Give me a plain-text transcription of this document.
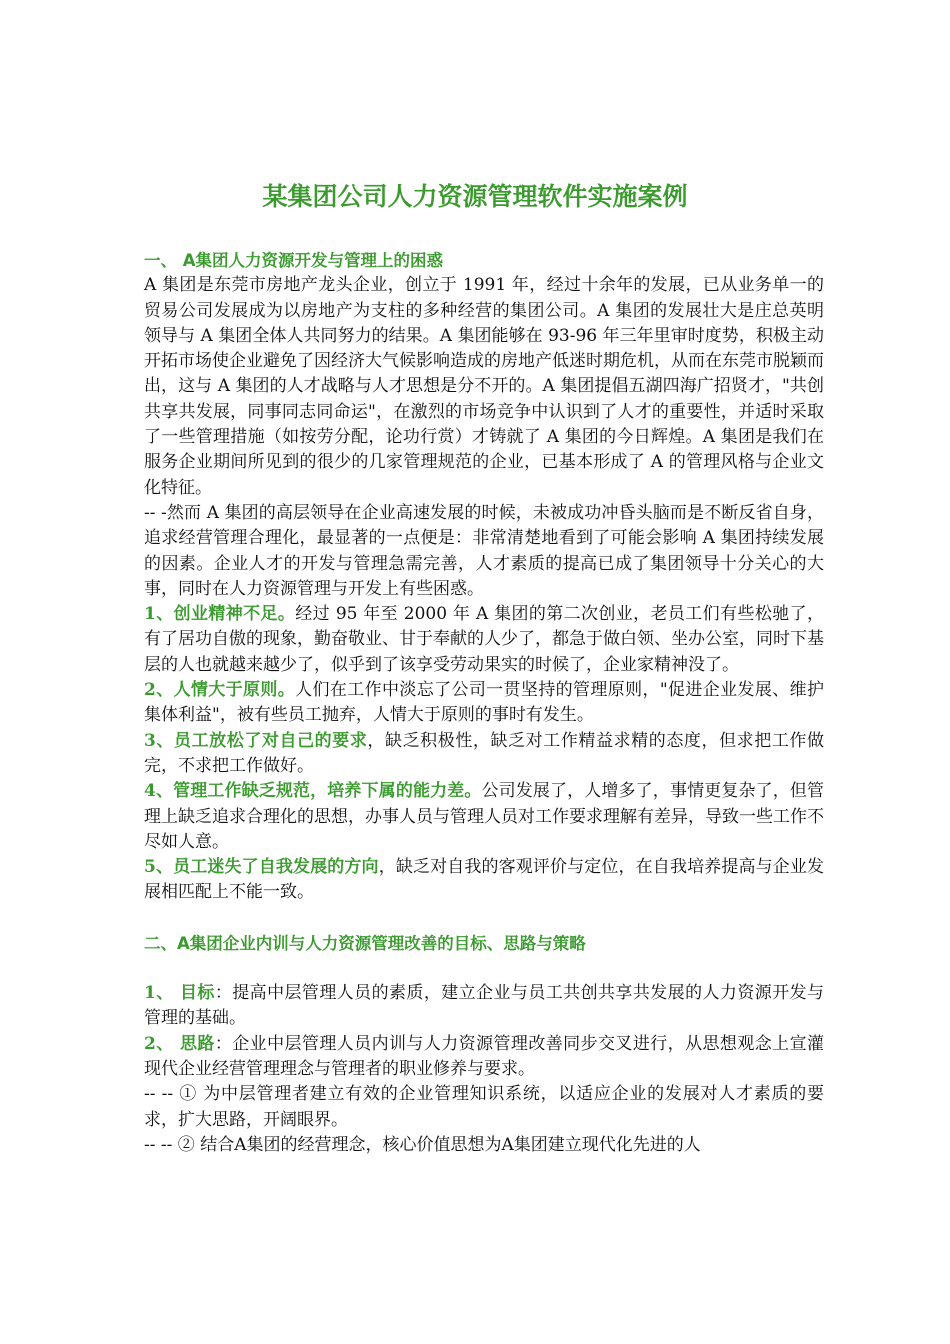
某集团公司人力资源管理软件实施案例

一、 A集团人力资源开发与管理上的困惑

A 集团是东莞市房地产龙头企业，创立于 1991 年，经过十余年的发展，已从业务单一的贸易公司发展成为以房地产为支柱的多种经营的集团公司。A 集团的发展壮大是庄总英明领导与 A 集团全体人共同努力的结果。A 集团能够在 93-96 年三年里审时度势，积极主动开拓市场使企业避免了因经济大气候影响造成的房地产低迷时期危机，从而在东莞市脱颖而出，这与 A 集团的人才战略与人才思想是分不开的。A 集团提倡五湖四海广招贤才，"共创共享共发展，同事同志同命运"，在激烈的市场竞争中认识到了人才的重要性，并适时采取了一些管理措施（如按劳分配，论功行赏）才铸就了 A 集团的今日辉煌。A 集团是我们在服务企业期间所见到的很少的几家管理规范的企业，已基本形成了 A 的管理风格与企业文化特征。

-- -然而 A 集团的高层领导在企业高速发展的时候，未被成功冲昏头脑而是不断反省自身，追求经营管理合理化，最显著的一点便是：非常清楚地看到了可能会影响 A 集团持续发展的因素。企业人才的开发与管理急需完善，人才素质的提高已成了集团领导十分关心的大事，同时在人力资源管理与开发上有些困惑。

1、创业精神不足。经过 95 年至 2000 年 A 集团的第二次创业，老员工们有些松驰了，有了居功自傲的现象，勤奋敬业、甘于奉献的人少了，都急于做白领、坐办公室，同时下基层的人也就越来越少了，似乎到了该享受劳动果实的时候了，企业家精神没了。

2、人情大于原则。人们在工作中淡忘了公司一贯坚持的管理原则，"促进企业发展、维护集体利益"，被有些员工抛弃，人情大于原则的事时有发生。

3、员工放松了对自己的要求，缺乏积极性，缺乏对工作精益求精的态度，但求把工作做完，不求把工作做好。

4、管理工作缺乏规范，培养下属的能力差。公司发展了，人增多了，事情更复杂了，但管理上缺乏追求合理化的思想，办事人员与管理人员对工作要求理解有差异，导致一些工作不尽如人意。

5、员工迷失了自我发展的方向，缺乏对自我的客观评价与定位，在自我培养提高与企业发展相匹配上不能一致。

二、A集团企业内训与人力资源管理改善的目标、思路与策略

1、 目标：提高中层管理人员的素质，建立企业与员工共创共享共发展的人力资源开发与管理的基础。

2、 思路：企业中层管理人员内训与人力资源管理改善同步交叉进行，从思想观念上宣灌现代企业经营管理理念与管理者的职业修养与要求。

-- -- ① 为中层管理者建立有效的企业管理知识系统，以适应企业的发展对人才素质的要求，扩大思路，开阔眼界。

-- -- ② 结合A集团的经营理念，核心价值思想为A集团建立现代化先进的人
